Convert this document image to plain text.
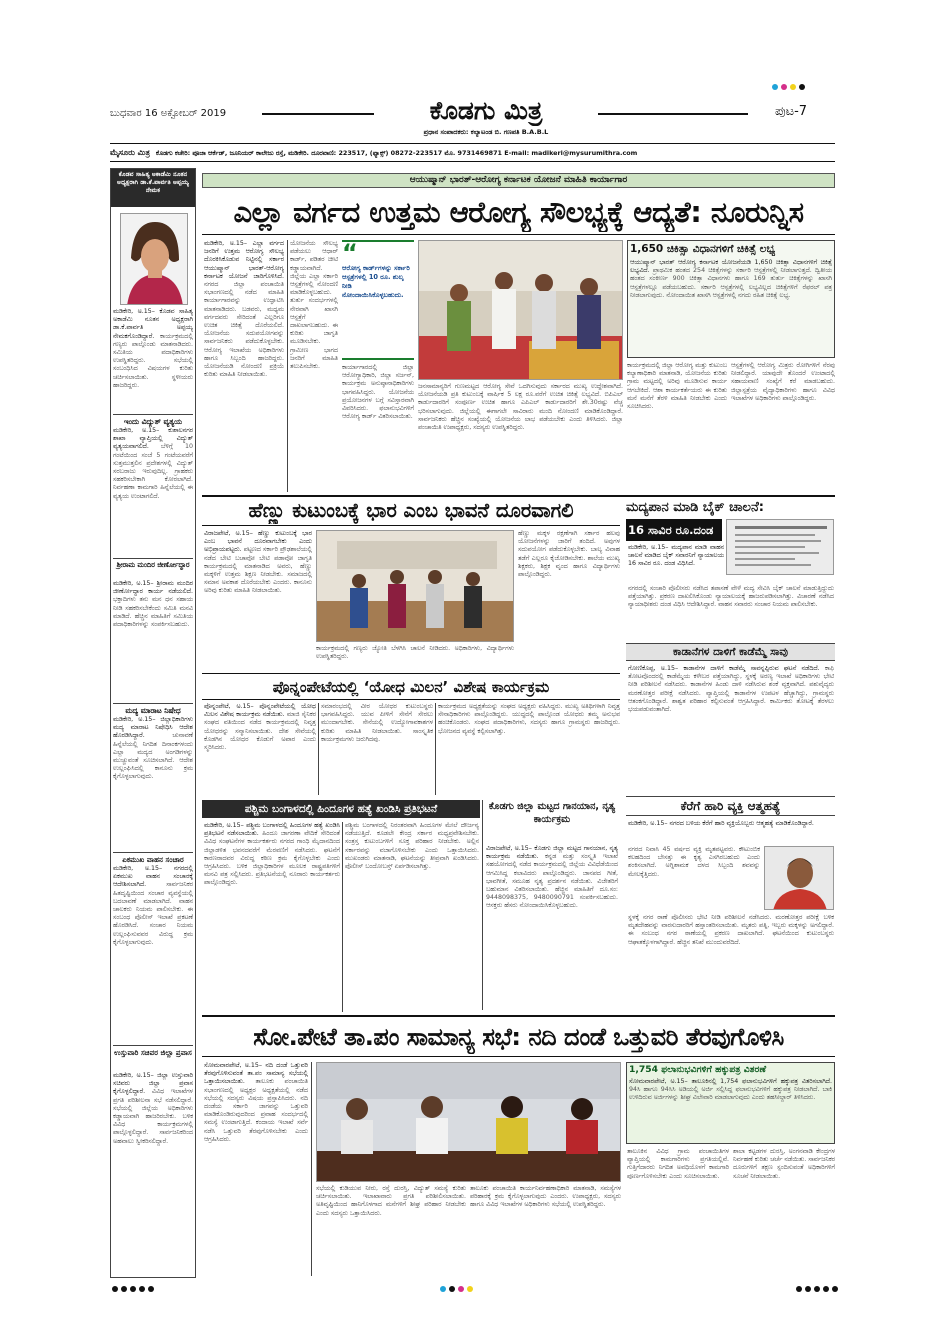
ಬುಧವಾರ 16 ಅಕ್ಟೋಬರ್ 2019	ಕೊಡಗು ಮಿತ್ರ	ಪುಟ-7
ಪ್ರಧಾನ ಸಂಪಾದಕರು: ಕಲ್ಯಾಟಂಡ ಬಿ. ಗಣಪತಿ B.A.B.L
ಮೈಸೂರು ಮಿತ್ರ ಕೊಡಗು ಕಚೇರಿ: ಪೂಜಾ ಆರ್ಕೆಡ್, ಜೂನಿಯರ್ ಕಾಲೇಜು ರಸ್ತೆ, ಮಡಿಕೇರಿ. ದೂರವಾಣಿ: 223517, (ಫ್ಯಾಕ್ಸ್) 08272-223517 ಮೊ. 9731469871 E-mail: madikeri@mysurumithra.com
ಕೊಡವ ಸಾಹಿತ್ಯ ಅಕಾಡೆಮಿ ನೂತನ ಅಧ್ಯಕ್ಷರಾಗಿ ಡಾ.ಕೆ.ಪಾರ್ವತಿ ಅಪ್ಪಯ್ಯ ನೇಮಕ
ಮಡಿಕೇರಿ, ಅ.15– ಕೊಡವ ಸಾಹಿತ್ಯ ಅಕಾಡೆಮಿ ನೂತನ ಅಧ್ಯಕ್ಷರಾಗಿ ಡಾ.ಕೆ.ಪಾರ್ವತಿ ಅಪ್ಪಯ್ಯ ನೇಮಕಗೊಂಡಿದ್ದಾರೆ. ಕಾರ್ಯಕ್ರಮದಲ್ಲಿ ಗಣ್ಯರು ಪಾಲ್ಗೊಂಡು ಮಾತನಾಡಿದರು. ಸಮಿತಿಯ ಪದಾಧಿಕಾರಿಗಳು ಉಪಸ್ಥಿತರಿದ್ದರು. ಸಭೆಯಲ್ಲಿ ಸಂಬಂಧಿಸಿದ ವಿಷಯಗಳ ಕುರಿತು ಚರ್ಚಿಸಲಾಯಿತು. ಸ್ಥಳೀಯರು ಹಾಜರಿದ್ದರು.
ಇಂದು ವಿದ್ಯುತ್ ವ್ಯತ್ಯಯ
ಮಡಿಕೇರಿ, ಅ.15– ಕುಶಾಲನಗರ ಶಾಖಾ ವ್ಯಾಪ್ತಿಯಲ್ಲಿ ವಿದ್ಯುತ್ ವ್ಯತ್ಯಯವಾಗಲಿದೆ. ಬೆಳಿಗ್ಗೆ 10 ಗಂಟೆಯಿಂದ ಸಂಜೆ 5 ಗಂಟೆಯವರೆಗೆ ಸುತ್ತಮುತ್ತಲಿನ ಪ್ರದೇಶಗಳಲ್ಲಿ ವಿದ್ಯುತ್ ಸರಬರಾಜು ಇರುವುದಿಲ್ಲ. ಗ್ರಾಹಕರು ಸಹಕರಿಸಬೇಕಾಗಿ ಕೋರಲಾಗಿದೆ. ನಿರ್ವಹಣಾ ಕಾಮಗಾರಿ ಹಿನ್ನೆಲೆಯಲ್ಲಿ ಈ ವ್ಯತ್ಯಯ ಉಂಟಾಗಲಿದೆ.
ಶ್ರೀರಾಮ ಮಂದಿರ ಜೀರ್ಣೋದ್ಧಾರ
ಮಡಿಕೇರಿ, ಅ.15– ಶ್ರೀರಾಮ ಮಂದಿರ ಜೀರ್ಣೋದ್ಧಾರ ಕಾರ್ಯ ನಡೆಯಲಿದೆ. ಭಕ್ತಾದಿಗಳು ತನು ಮನ ಧನ ಸಹಾಯ ನೀಡಿ ಸಹಕರಿಸಬೇಕೆಂದು ಸಮಿತಿ ಮನವಿ ಮಾಡಿದೆ. ಹೆಚ್ಚಿನ ಮಾಹಿತಿಗೆ ಸಮಿತಿಯ ಪದಾಧಿಕಾರಿಗಳನ್ನು ಸಂಪರ್ಕಿಸಬಹುದು.
ಮದ್ಯ ಮಾರಾಟ ನಿಷೇಧ
ಮಡಿಕೇರಿ, ಅ.15– ಜಿಲ್ಲಾಧಿಕಾರಿಗಳು ಮದ್ಯ ಮಾರಾಟ ನಿಷೇಧಿಸಿ ಆದೇಶ ಹೊರಡಿಸಿದ್ದಾರೆ.	ಚುನಾವಣೆ ಹಿನ್ನೆಲೆಯಲ್ಲಿ ನಿಗದಿತ ದಿನಾಂಕಗಳಂದು ಎಲ್ಲಾ ಮದ್ಯದ ಅಂಗಡಿಗಳನ್ನು ಮುಚ್ಚುವಂತೆ ಸೂಚಿಸಲಾಗಿದೆ. ಆದೇಶ ಉಲ್ಲಂಘಿಸಿದಲ್ಲಿ ಕಾನೂನು ಕ್ರಮ ಕೈಗೊಳ್ಳಲಾಗುವುದು.
ಏಕಮುಖ ವಾಹನ ಸಂಚಾರ
ಮಡಿಕೇರಿ, ಅ.15– ನಗರದಲ್ಲಿ ಏಕಮುಖ ವಾಹನ ಸಂಚಾರಕ್ಕೆ ಆದೇಶಿಸಲಾಗಿದೆ.	ಸಾರ್ವಜನಿಕರ ಹಿತದೃಷ್ಟಿಯಿಂದ ಸಂಚಾರ ವ್ಯವಸ್ಥೆಯಲ್ಲಿ ಬದಲಾವಣೆ ಮಾಡಲಾಗಿದೆ. ವಾಹನ ಚಾಲಕರು ನಿಯಮ ಪಾಲಿಸಬೇಕು. ಈ ಸಂಬಂಧ ಪೊಲೀಸ್ ಇಲಾಖೆ ಪ್ರಕಟಣೆ ಹೊರಡಿಸಿದೆ. ಸಂಚಾರ ನಿಯಮ ಉಲ್ಲಂಘಿಸುವವರ ವಿರುದ್ಧ ಕ್ರಮ ಕೈಗೊಳ್ಳಲಾಗುವುದು.
ಉಸ್ತುವಾರಿ ಸಚಿವರ ಜಿಲ್ಲಾ ಪ್ರವಾಸ
ಮಡಿಕೇರಿ, ಅ.15– ಜಿಲ್ಲಾ ಉಸ್ತುವಾರಿ ಸಚಿವರು ಜಿಲ್ಲಾ ಪ್ರವಾಸ ಕೈಗೊಳ್ಳಲಿದ್ದಾರೆ. ವಿವಿಧ ಇಲಾಖೆಗಳ ಪ್ರಗತಿ ಪರಿಶೀಲನಾ ಸಭೆ ನಡೆಸಲಿದ್ದಾರೆ. ಸಭೆಯಲ್ಲಿ ಜಿಲ್ಲೆಯ ಅಧಿಕಾರಿಗಳು ಕಡ್ಡಾಯವಾಗಿ ಹಾಜರಿರಬೇಕು. ಬಳಿಕ ವಿವಿಧ ಕಾರ್ಯಕ್ರಮಗಳಲ್ಲಿ ಪಾಲ್ಗೊಳ್ಳಲಿದ್ದಾರೆ. ಸಾರ್ವಜನಿಕರಿಂದ ಅಹವಾಲು ಸ್ವೀಕರಿಸಲಿದ್ದಾರೆ.
ಆಯುಷ್ಮಾನ್ ಭಾರತ್-ಆರೋಗ್ಯ ಕರ್ನಾಟಕ ಯೋಜನೆ ಮಾಹಿತಿ ಕಾರ್ಯಾಗಾರ
ಎಲ್ಲಾ ವರ್ಗದ ಉತ್ತಮ ಆರೋಗ್ಯ ಸೌಲಭ್ಯಕ್ಕೆ ಆದ್ಯತೆ: ನೂರುನ್ನಿಸ
ಮಡಿಕೇರಿ, ಅ.15– ಎಲ್ಲಾ ವರ್ಗದ ಜನರಿಗೆ ಉತ್ತಮ ಆರೋಗ್ಯ ಸೌಲಭ್ಯ ದೊರಕಿಸಿಕೊಡುವ ನಿಟ್ಟಿನಲ್ಲಿ ಸರ್ಕಾರ ಆಯುಷ್ಮಾನ್ ಭಾರತ್-ಆರೋಗ್ಯ ಕರ್ನಾಟಕ ಯೋಜನೆ ಜಾರಿಗೊಳಿಸಿದೆ. ನಗರದ ಜಿಲ್ಲಾ ಪಂಚಾಯಿತಿ ಸಭಾಂಗಣದಲ್ಲಿ ನಡೆದ ಮಾಹಿತಿ ಕಾರ್ಯಾಗಾರವನ್ನು ಉದ್ಘಾಟಿಸಿ ಮಾತನಾಡಿದರು. ಬಡವರು, ಮಧ್ಯಮ ವರ್ಗದವರು ಸೇರಿದಂತೆ ಎಲ್ಲರಿಗೂ ಉಚಿತ ಚಿಕಿತ್ಸೆ ದೊರೆಯಲಿದೆ. ಯೋಜನೆಯ ಸದುಪಯೋಗವನ್ನು ಸಾರ್ವಜನಿಕರು ಪಡೆದುಕೊಳ್ಳಬೇಕು. ಆರೋಗ್ಯ ಇಲಾಖೆಯ ಅಧಿಕಾರಿಗಳು ಹಾಗೂ ಸಿಬ್ಬಂದಿ ಹಾಜರಿದ್ದರು. ಯೋಜನೆಯಡಿ ನೋಂದಣಿ ಪ್ರಕ್ರಿಯೆ ಕುರಿತು ಮಾಹಿತಿ ನೀಡಲಾಯಿತು.
ಯೋಜನೆಯ ಸೌಲಭ್ಯ ಪಡೆಯಲು ಆಧಾರ್ ಕಾರ್ಡ್, ಪಡಿತರ ಚೀಟಿ ಕಡ್ಡಾಯವಾಗಿದೆ. ಜಿಲ್ಲೆಯ ಎಲ್ಲಾ ಸರ್ಕಾರಿ ಆಸ್ಪತ್ರೆಗಳಲ್ಲಿ ನೋಂದಣಿ ಮಾಡಿಕೊಳ್ಳಬಹುದು. ತುರ್ತು ಸಂದರ್ಭಗಳಲ್ಲಿ ನೇರವಾಗಿ ಖಾಸಗಿ ಆಸ್ಪತ್ರೆಗೆ ದಾಖಲಾಗಬಹುದು. ಈ ಕುರಿತು ಜಾಗೃತಿ ಮೂಡಿಸಬೇಕು. ಗ್ರಾಮೀಣ ಭಾಗದ ಜನರಿಗೆ ಮಾಹಿತಿ ತಲುಪಿಸಬೇಕು.
“
ಆರೋಗ್ಯ ಕಾರ್ಡ್‌ಗಳನ್ನು ಸರ್ಕಾರಿ ಆಸ್ಪತ್ರೆಗಳಲ್ಲಿ 10 ರೂ. ಶುಲ್ಕ ನೀಡಿ ನೋಂದಾಯಿಸಿಕೊಳ್ಳಬಹುದು.
ಕಾರ್ಯಾಗಾರದಲ್ಲಿ ಜಿಲ್ಲಾ ಆರೋಗ್ಯಾಧಿಕಾರಿ, ಜಿಲ್ಲಾ ಸರ್ಜನ್, ಕಾರ್ಯಕ್ರಮ ಅನುಷ್ಠಾನಾಧಿಕಾರಿಗಳು ಭಾಗವಹಿಸಿದ್ದರು. ಯೋಜನೆಯ ಪ್ರಯೋಜನಗಳ ಬಗ್ಗೆ ಸವಿಸ್ತಾರವಾಗಿ ವಿವರಿಸಿದರು. ಫಲಾನುಭವಿಗಳಿಗೆ ಆರೋಗ್ಯ ಕಾರ್ಡ್ ವಿತರಿಸಲಾಯಿತು.
ಜನಸಾಮಾನ್ಯರಿಗೆ ಗುಣಮಟ್ಟದ ಆರೋಗ್ಯ ಸೇವೆ ಒದಗಿಸುವುದು ಸರ್ಕಾರದ ಮುಖ್ಯ ಉದ್ದೇಶವಾಗಿದೆ. ಯೋಜನೆಯಡಿ ಪ್ರತಿ ಕುಟುಂಬಕ್ಕೆ ವಾರ್ಷಿಕ 5 ಲಕ್ಷ ರೂ.ವರೆಗೆ ಉಚಿತ ಚಿಕಿತ್ಸೆ ಲಭ್ಯವಿದೆ. ಬಿಪಿಎಲ್ ಕಾರ್ಡುದಾರರಿಗೆ ಸಂಪೂರ್ಣ ಉಚಿತ ಹಾಗೂ ಎಪಿಎಲ್ ಕಾರ್ಡುದಾರರಿಗೆ ಶೇ.30ರಷ್ಟು ವೆಚ್ಚ ಭರಿಸಲಾಗುವುದು. ಜಿಲ್ಲೆಯಲ್ಲಿ ಈಗಾಗಲೇ ಸಾವಿರಾರು ಮಂದಿ ನೋಂದಣಿ ಮಾಡಿಕೊಂಡಿದ್ದಾರೆ. ಸಾರ್ವಜನಿಕರು ಹೆಚ್ಚಿನ ಸಂಖ್ಯೆಯಲ್ಲಿ ಯೋಜನೆಯ ಲಾಭ ಪಡೆಯಬೇಕು ಎಂದು ತಿಳಿಸಿದರು. ಜಿಲ್ಲಾ ಪಂಚಾಯಿತಿ ಉಪಾಧ್ಯಕ್ಷರು, ಸದಸ್ಯರು ಉಪಸ್ಥಿತರಿದ್ದರು.
1,650 ಚಿಕಿತ್ಸಾ ವಿಧಾನಗಳಿಗೆ ಚಿಕಿತ್ಸೆ ಲಭ್ಯ
ಆಯುಷ್ಮಾನ್ ಭಾರತ್ ಆರೋಗ್ಯ ಕರ್ನಾಟಕ ಯೋಜನೆಯಡಿ 1,650 ಚಿಕಿತ್ಸಾ ವಿಧಾನಗಳಿಗೆ ಚಿಕಿತ್ಸೆ ಲಭ್ಯವಿದೆ. ಪ್ರಾಥಮಿಕ ಹಂತದ 254 ಚಿಕಿತ್ಸೆಗಳನ್ನು ಸರ್ಕಾರಿ ಆಸ್ಪತ್ರೆಗಳಲ್ಲಿ ನೀಡಲಾಗುತ್ತದೆ. ದ್ವಿತೀಯ ಹಂತದ ಸಂಕೀರ್ಣ 900 ಚಿಕಿತ್ಸಾ ವಿಧಾನಗಳು ಹಾಗೂ 169 ತುರ್ತು ಚಿಕಿತ್ಸೆಗಳನ್ನು ಖಾಸಗಿ ಆಸ್ಪತ್ರೆಗಳಲ್ಲೂ ಪಡೆಯಬಹುದು. ಸರ್ಕಾರಿ ಆಸ್ಪತ್ರೆಗಳಲ್ಲಿ ಲಭ್ಯವಿಲ್ಲದ ಚಿಕಿತ್ಸೆಗಳಿಗೆ ರೆಫರಲ್ ಪತ್ರ ನೀಡಲಾಗುವುದು. ನೋಂದಾಯಿತ ಖಾಸಗಿ ಆಸ್ಪತ್ರೆಗಳಲ್ಲಿ ನಗದು ರಹಿತ ಚಿಕಿತ್ಸೆ ಲಭ್ಯ.
ಕಾರ್ಯಕ್ರಮದಲ್ಲಿ ಜಿಲ್ಲಾ ಆರೋಗ್ಯ ಮತ್ತು ಕುಟುಂಬ ಕಲ್ಯಾಣಾಧಿಕಾರಿ ಮಾತನಾಡಿ, ಯೋಜನೆಯ ಕುರಿತು ಗ್ರಾಮ ಮಟ್ಟದಲ್ಲಿ ಅರಿವು ಮೂಡಿಸುವ ಕಾರ್ಯ ಆಗಬೇಕಿದೆ. ಆಶಾ ಕಾರ್ಯಕರ್ತೆಯರು ಈ ಕುರಿತು ಮನೆ ಮನೆಗೆ ತೆರಳಿ ಮಾಹಿತಿ ನೀಡಬೇಕು ಎಂದು ಸೂಚಿಸಿದರು.
ಆಸ್ಪತ್ರೆಗಳಲ್ಲಿ ಆರೋಗ್ಯ ಮಿತ್ರರು ರೋಗಿಗಳಿಗೆ ನೆರವು ನೀಡಲಿದ್ದಾರೆ. ಯಾವುದೇ ತೊಂದರೆ ಉಂಟಾದಲ್ಲಿ ಸಹಾಯವಾಣಿ ಸಂಖ್ಯೆಗೆ ಕರೆ ಮಾಡಬಹುದು. ಜಿಲ್ಲಾಸ್ಪತ್ರೆಯ ವೈದ್ಯಾಧಿಕಾರಿಗಳು ಹಾಗೂ ವಿವಿಧ ಇಲಾಖೆಗಳ ಅಧಿಕಾರಿಗಳು ಪಾಲ್ಗೊಂಡಿದ್ದರು.
ಹೆಣ್ಣು ಕುಟುಂಬಕ್ಕೆ ಭಾರ ಎಂಬ ಭಾವನೆ ದೂರವಾಗಲಿ
ವಿರಾಜಪೇಟೆ, ಅ.15– ಹೆಣ್ಣು ಕುಟುಂಬಕ್ಕೆ ಭಾರ ಎಂಬ ಭಾವನೆ ದೂರವಾಗಬೇಕು ಎಂದು ಅಭಿಪ್ರಾಯಪಟ್ಟರು. ಪಟ್ಟಣದ ಸರ್ಕಾರಿ ಪ್ರೌಢಶಾಲೆಯಲ್ಲಿ ನಡೆದ ಬೇಟಿ ಬಚಾವೋ ಬೇಟಿ ಪಡಾವೋ ಜಾಗೃತಿ ಕಾರ್ಯಕ್ರಮದಲ್ಲಿ ಮಾತನಾಡಿದ ಅವರು, ಹೆಣ್ಣು ಮಕ್ಕಳಿಗೆ ಉತ್ತಮ ಶಿಕ್ಷಣ ನೀಡಬೇಕು. ಸಮಾಜದಲ್ಲಿ ಸಮಾನ ಅವಕಾಶ ದೊರೆಯಬೇಕು ಎಂದರು. ಕಾನೂನು ಅರಿವು ಕುರಿತು ಮಾಹಿತಿ ನೀಡಲಾಯಿತು.
ಹೆಣ್ಣು ಮಕ್ಕಳ ರಕ್ಷಣೆಗಾಗಿ ಸರ್ಕಾರ ಹಲವು ಯೋಜನೆಗಳನ್ನು ಜಾರಿಗೆ ತಂದಿದೆ. ಅವುಗಳ ಸದುಪಯೋಗ ಪಡೆದುಕೊಳ್ಳಬೇಕು. ಬಾಲ್ಯ ವಿವಾಹ ತಡೆಗೆ ಎಲ್ಲರೂ ಕೈಜೋಡಿಸಬೇಕು. ಶಾಲೆಯ ಮುಖ್ಯ ಶಿಕ್ಷಕರು, ಶಿಕ್ಷಕ ವೃಂದ ಹಾಗೂ ವಿದ್ಯಾರ್ಥಿಗಳು ಪಾಲ್ಗೊಂಡಿದ್ದರು.
ಕಾರ್ಯಕ್ರಮದಲ್ಲಿ ಗಣ್ಯರು ಜ್ಯೋತಿ ಬೆಳಗಿಸಿ ಚಾಲನೆ ನೀಡಿದರು. ಅಧಿಕಾರಿಗಳು, ವಿದ್ಯಾರ್ಥಿಗಳು ಉಪಸ್ಥಿತರಿದ್ದರು.
ಮದ್ಯಪಾನ ಮಾಡಿ ಬೈಕ್ ಚಾಲನೆ:
16 ಸಾವಿರ ರೂ.ದಂಡ
ಮಡಿಕೇರಿ, ಅ.15– ಮದ್ಯಪಾನ ಮಾಡಿ ವಾಹನ ಚಾಲನೆ ಮಾಡಿದ ಬೈಕ್ ಸವಾರನಿಗೆ ನ್ಯಾಯಾಲಯ 16 ಸಾವಿರ ರೂ. ದಂಡ ವಿಧಿಸಿದೆ.
ನಗರದಲ್ಲಿ ಸಂಚಾರಿ ಪೊಲೀಸರು ನಡೆಸಿದ ತಪಾಸಣೆ ವೇಳೆ ಮದ್ಯ ಸೇವಿಸಿ ಬೈಕ್ ಚಾಲನೆ ಮಾಡುತ್ತಿದ್ದುದು ಪತ್ತೆಯಾಗಿತ್ತು. ಪ್ರಕರಣ ದಾಖಲಿಸಿಕೊಂಡು ನ್ಯಾಯಾಲಯಕ್ಕೆ ಹಾಜರುಪಡಿಸಲಾಗಿತ್ತು. ವಿಚಾರಣೆ ನಡೆಸಿದ ನ್ಯಾಯಾಧೀಶರು ದಂಡ ವಿಧಿಸಿ ಆದೇಶಿಸಿದ್ದಾರೆ. ವಾಹನ ಸವಾರರು ಸಂಚಾರ ನಿಯಮ ಪಾಲಿಸಬೇಕು.
ಕಾಡಾನೆಗಳ ದಾಳಿಗೆ ಕಾಡೆಮ್ಮೆ ಸಾವು
ಗೋಣಿಕೊಪ್ಪ, ಅ.15– ಕಾಡಾನೆಗಳ ದಾಳಿಗೆ ಕಾಡೆಮ್ಮೆ ಸಾವನ್ನಪ್ಪಿರುವ ಘಟನೆ ನಡೆದಿದೆ. ಕಾಫಿ ತೋಟವೊಂದರಲ್ಲಿ ಕಾಡೆಮ್ಮೆಯ ಕಳೇಬರ ಪತ್ತೆಯಾಗಿದ್ದು, ಸ್ಥಳಕ್ಕೆ ಅರಣ್ಯ ಇಲಾಖೆ ಅಧಿಕಾರಿಗಳು ಭೇಟಿ ನೀಡಿ ಪರಿಶೀಲನೆ ನಡೆಸಿದರು. ಕಾಡಾನೆಗಳ ಹಿಂಡು ದಾಳಿ ನಡೆಸಿರುವ ಶಂಕೆ ವ್ಯಕ್ತವಾಗಿದೆ. ಪಶುವೈದ್ಯರು ಮರಣೋತ್ತರ ಪರೀಕ್ಷೆ ನಡೆಸಿದರು. ವ್ಯಾಪ್ತಿಯಲ್ಲಿ ಕಾಡಾನೆಗಳ ಉಪಟಳ ಹೆಚ್ಚಾಗಿದ್ದು, ಗ್ರಾಮಸ್ಥರು ಆತಂಕಗೊಂಡಿದ್ದಾರೆ. ಶಾಶ್ವತ ಪರಿಹಾರ ಕಲ್ಪಿಸುವಂತೆ ಆಗ್ರಹಿಸಿದ್ದಾರೆ. ಕಾರ್ಮಿಕರು ತೋಟಕ್ಕೆ ತೆರಳಲು ಭಯಪಡುವಂತಾಗಿದೆ.
ಪೊನ್ನಂಪೇಟೆಯಲ್ಲಿ ‘ಯೋಧ ಮಿಲನ’ ವಿಶೇಷ ಕಾರ್ಯಕ್ರಮ
ಪೊನ್ನಂಪೇಟೆ, ಅ.15– ಪೊನ್ನಂಪೇಟೆಯಲ್ಲಿ ಯೋಧ ಮಿಲನ ವಿಶೇಷ ಕಾರ್ಯಕ್ರಮ ನಡೆಯಿತು. ಮಾಜಿ ಸೈನಿಕರ ಸಂಘದ ವತಿಯಿಂದ ನಡೆದ ಕಾರ್ಯಕ್ರಮದಲ್ಲಿ ನಿವೃತ್ತ ಯೋಧರನ್ನು ಸನ್ಮಾನಿಸಲಾಯಿತು. ದೇಶ ಸೇವೆಯಲ್ಲಿ ಕೊಡಗಿನ ಯೋಧರ ಕೊಡುಗೆ ಅಪಾರ ಎಂದು ಸ್ಮರಿಸಿದರು.
ಸಮಾರಂಭದಲ್ಲಿ ವೀರ ಯೋಧರ ಕುಟುಂಬಸ್ಥರು ಭಾಗವಹಿಸಿದ್ದರು. ಯುವ ಪೀಳಿಗೆ ಸೇನೆಗೆ ಸೇರಲು ಮುಂದಾಗಬೇಕು. ಸೇನೆಯಲ್ಲಿ ಉದ್ಯೋಗಾವಕಾಶಗಳ ಕುರಿತು ಮಾಹಿತಿ ನೀಡಲಾಯಿತು. ಸಾಂಸ್ಕೃತಿಕ ಕಾರ್ಯಕ್ರಮಗಳು ಜರುಗಿದವು.
ಕಾರ್ಯಕ್ರಮದ ಅಧ್ಯಕ್ಷತೆಯನ್ನು ಸಂಘದ ಅಧ್ಯಕ್ಷರು ವಹಿಸಿದ್ದರು. ಮುಖ್ಯ ಅತಿಥಿಗಳಾಗಿ ನಿವೃತ್ತ ಸೇನಾಧಿಕಾರಿಗಳು ಪಾಲ್ಗೊಂಡಿದ್ದರು. ಯುದ್ಧದಲ್ಲಿ ಪಾಲ್ಗೊಂಡ ಯೋಧರು ತಮ್ಮ ಅನುಭವ ಹಂಚಿಕೊಂಡರು. ಸಂಘದ ಪದಾಧಿಕಾರಿಗಳು, ಸದಸ್ಯರು ಹಾಗೂ ಗ್ರಾಮಸ್ಥರು ಹಾಜರಿದ್ದರು. ಭೋಜನದ ವ್ಯವಸ್ಥೆ ಕಲ್ಪಿಸಲಾಗಿತ್ತು.
ಕೊಡಗು ಜಿಲ್ಲಾ ಮಟ್ಟದ ಗಾನಯಾನ, ನೃತ್ಯ ಕಾರ್ಯಕ್ರಮ
ವಿರಾಜಪೇಟೆ, ಅ.15– ಕೊಡಗು ಜಿಲ್ಲಾ ಮಟ್ಟದ ಗಾನಯಾನ, ನೃತ್ಯ ಕಾರ್ಯಕ್ರಮ ನಡೆಯಿತು. ಕನ್ನಡ ಮತ್ತು ಸಂಸ್ಕೃತಿ ಇಲಾಖೆ ಸಹಯೋಗದಲ್ಲಿ ನಡೆದ ಕಾರ್ಯಕ್ರಮದಲ್ಲಿ ಜಿಲ್ಲೆಯ ವಿವಿಧೆಡೆಯಿಂದ ಆಗಮಿಸಿದ್ದ ಕಲಾವಿದರು ಪಾಲ್ಗೊಂಡಿದ್ದರು. ಜಾನಪದ ಗೀತೆ, ಭಾವಗೀತೆ, ಸಮೂಹ ನೃತ್ಯ ಪ್ರದರ್ಶನ ನಡೆಯಿತು. ವಿಜೇತರಿಗೆ ಬಹುಮಾನ ವಿತರಿಸಲಾಯಿತು. ಹೆಚ್ಚಿನ ಮಾಹಿತಿಗೆ ದೂ.ಸಂ: 9448098375, 9480090791 ಸಂಪರ್ಕಿಸಬಹುದು. ಆಸಕ್ತರು ಹೆಸರು ನೋಂದಾಯಿಸಿಕೊಳ್ಳಬಹುದು.
ಪಶ್ಚಿಮ ಬಂಗಾಳದಲ್ಲಿ ಹಿಂದೂಗಳ ಹತ್ಯೆ ಖಂಡಿಸಿ ಪ್ರತಿಭಟನೆ
ಮಡಿಕೇರಿ, ಅ.15– ಪಶ್ಚಿಮ ಬಂಗಾಳದಲ್ಲಿ ಹಿಂದೂಗಳ ಹತ್ಯೆ ಖಂಡಿಸಿ ಪ್ರತಿಭಟನೆ ನಡೆಸಲಾಯಿತು. ಹಿಂದೂ ಜಾಗರಣಾ ವೇದಿಕೆ ಸೇರಿದಂತೆ ವಿವಿಧ ಸಂಘಟನೆಗಳ ಕಾರ್ಯಕರ್ತರು ನಗರದ ಗಾಂಧಿ ಮೈದಾನದಿಂದ ಜಿಲ್ಲಾಡಳಿತ ಭವನದವರೆಗೆ ಮೆರವಣಿಗೆ ನಡೆಸಿದರು. ಘಟನೆಗೆ ಕಾರಣರಾದವರ ವಿರುದ್ಧ ಕಠಿಣ ಕ್ರಮ ಕೈಗೊಳ್ಳಬೇಕು ಎಂದು ಆಗ್ರಹಿಸಿದರು. ಬಳಿಕ ಜಿಲ್ಲಾಧಿಕಾರಿಗಳ ಮೂಲಕ ರಾಷ್ಟ್ರಪತಿಗಳಿಗೆ ಮನವಿ ಪತ್ರ ಸಲ್ಲಿಸಿದರು. ಪ್ರತಿಭಟನೆಯಲ್ಲಿ ನೂರಾರು ಕಾರ್ಯಕರ್ತರು ಪಾಲ್ಗೊಂಡಿದ್ದರು.
ಪಶ್ಚಿಮ ಬಂಗಾಳದಲ್ಲಿ ನಿರಂತರವಾಗಿ ಹಿಂದೂಗಳ ಮೇಲೆ ದೌರ್ಜನ್ಯ ನಡೆಯುತ್ತಿದೆ. ಕೂಡಲೇ ಕೇಂದ್ರ ಸರ್ಕಾರ ಮಧ್ಯಪ್ರವೇಶಿಸಬೇಕು. ಸಂತ್ರಸ್ತ ಕುಟುಂಬಗಳಿಗೆ ಸೂಕ್ತ ಪರಿಹಾರ ನೀಡಬೇಕು. ಅಲ್ಲಿನ ಸರ್ಕಾರವನ್ನು ವಜಾಗೊಳಿಸಬೇಕು ಎಂದು ಒತ್ತಾಯಿಸಿದರು. ಮುಖಂಡರು ಮಾತನಾಡಿ, ಘಟನೆಯನ್ನು ತೀವ್ರವಾಗಿ ಖಂಡಿಸಿದರು. ಪೊಲೀಸ್ ಬಂದೋಬಸ್ತ್ ಏರ್ಪಡಿಸಲಾಗಿತ್ತು.
ಕೆರೆಗೆ ಹಾರಿ ವ್ಯಕ್ತಿ ಆತ್ಮಹತ್ಯೆ
ಮಡಿಕೇರಿ, ಅ.15– ನಗರದ ಬಳಿಯ ಕೆರೆಗೆ ಹಾರಿ ವ್ಯಕ್ತಿಯೊಬ್ಬರು ಆತ್ಮಹತ್ಯೆ ಮಾಡಿಕೊಂಡಿದ್ದಾರೆ.
ನಗರದ ನಿವಾಸಿ 45 ವರ್ಷದ ವ್ಯಕ್ತಿ ಮೃತಪಟ್ಟವರು. ಕೌಟುಂಬಿಕ ಕಲಹದಿಂದ ಬೇಸತ್ತು ಈ ಕೃತ್ಯ ಎಸಗಿರಬಹುದು ಎಂದು ಶಂಕಿಸಲಾಗಿದೆ. ಅಗ್ನಿಶಾಮಕ ದಳದ ಸಿಬ್ಬಂದಿ ಶವವನ್ನು ಮೇಲಕ್ಕೆತ್ತಿದರು.
ಸ್ಥಳಕ್ಕೆ ನಗರ ಠಾಣೆ ಪೊಲೀಸರು ಭೇಟಿ ನೀಡಿ ಪರಿಶೀಲನೆ ನಡೆಸಿದರು. ಮರಣೋತ್ತರ ಪರೀಕ್ಷೆ ಬಳಿಕ ಮೃತದೇಹವನ್ನು ವಾರಸುದಾರರಿಗೆ ಹಸ್ತಾಂತರಿಸಲಾಯಿತು. ಮೃತರು ಪತ್ನಿ, ಇಬ್ಬರು ಮಕ್ಕಳನ್ನು ಅಗಲಿದ್ದಾರೆ. ಈ ಸಂಬಂಧ ನಗರ ಠಾಣೆಯಲ್ಲಿ ಪ್ರಕರಣ ದಾಖಲಾಗಿದೆ. ಘಟನೆಯಿಂದ ಕುಟುಂಬಸ್ಥರು ಆಘಾತಕ್ಕೊಳಗಾಗಿದ್ದಾರೆ. ಹೆಚ್ಚಿನ ತನಿಖೆ ಮುಂದುವರೆದಿದೆ.
ಸೋ.ಪೇಟೆ ತಾ.ಪಂ ಸಾಮಾನ್ಯ ಸಭೆ: ನದಿ ದಂಡೆ ಒತ್ತುವರಿ ತೆರವುಗೊಳಿಸಿ
ಸೋಮವಾರಪೇಟೆ, ಅ.15– ನದಿ ದಂಡೆ ಒತ್ತುವರಿ ತೆರವುಗೊಳಿಸುವಂತೆ ತಾ.ಪಂ ಸಾಮಾನ್ಯ ಸಭೆಯಲ್ಲಿ ಒತ್ತಾಯಿಸಲಾಯಿತು. ತಾಲೂಕು ಪಂಚಾಯಿತಿ ಸಭಾಂಗಣದಲ್ಲಿ ಅಧ್ಯಕ್ಷರ ಅಧ್ಯಕ್ಷತೆಯಲ್ಲಿ ನಡೆದ ಸಭೆಯಲ್ಲಿ ಸದಸ್ಯರು ವಿಷಯ ಪ್ರಸ್ತಾಪಿಸಿದರು. ನದಿ ದಂಡೆಯ ಸರ್ಕಾರಿ ಜಾಗವನ್ನು ಒತ್ತುವರಿ ಮಾಡಿಕೊಂಡಿರುವುದರಿಂದ ಪ್ರವಾಹ ಸಂದರ್ಭದಲ್ಲಿ ಸಮಸ್ಯೆ ಉಂಟಾಗುತ್ತಿದೆ. ಕಂದಾಯ ಇಲಾಖೆ ಸರ್ವೆ ನಡೆಸಿ ಒತ್ತುವರಿ ತೆರವುಗೊಳಿಸಬೇಕು ಎಂದು ಆಗ್ರಹಿಸಿದರು.
ಸಭೆಯಲ್ಲಿ ಕುಡಿಯುವ ನೀರು, ರಸ್ತೆ ದುರಸ್ತಿ, ವಿದ್ಯುತ್ ಸಮಸ್ಯೆ ಕುರಿತು ಚರ್ಚಿಸಲಾಯಿತು. ಇಲಾಖಾವಾರು ಪ್ರಗತಿ ಪರಿಶೀಲಿಸಲಾಯಿತು. ಅತಿವೃಷ್ಟಿಯಿಂದ ಹಾನಿಗೊಳಗಾದ ಮನೆಗಳಿಗೆ ಶೀಘ್ರ ಪರಿಹಾರ ನೀಡಬೇಕು ಎಂದು ಸದಸ್ಯರು ಒತ್ತಾಯಿಸಿದರು.
ತಾಲೂಕು ಪಂಚಾಯಿತಿ ಕಾರ್ಯನಿರ್ವಹಣಾಧಿಕಾರಿ ಮಾತನಾಡಿ, ಸಮಸ್ಯೆಗಳ ಪರಿಹಾರಕ್ಕೆ ಕ್ರಮ ಕೈಗೊಳ್ಳಲಾಗುವುದು ಎಂದರು. ಉಪಾಧ್ಯಕ್ಷರು, ಸದಸ್ಯರು ಹಾಗೂ ವಿವಿಧ ಇಲಾಖೆಗಳ ಅಧಿಕಾರಿಗಳು ಸಭೆಯಲ್ಲಿ ಉಪಸ್ಥಿತರಿದ್ದರು.
1,754 ಫಲಾನುಭವಿಗಳಿಗೆ ಹಕ್ಕುಪತ್ರ ವಿತರಣೆ
ಸೋಮವಾರಪೇಟೆ, ಅ.15– ತಾಲೂಕಿನಲ್ಲಿ 1,754 ಫಲಾನುಭವಿಗಳಿಗೆ ಹಕ್ಕುಪತ್ರ ವಿತರಿಸಲಾಗಿದೆ. 94ಸಿ ಹಾಗೂ 94ಸಿಸಿ ಅಡಿಯಲ್ಲಿ ಅರ್ಜಿ ಸಲ್ಲಿಸಿದ್ದ ಫಲಾನುಭವಿಗಳಿಗೆ ಹಕ್ಕುಪತ್ರ ನೀಡಲಾಗಿದೆ. ಬಾಕಿ ಉಳಿದಿರುವ ಅರ್ಜಿಗಳನ್ನು ಶೀಘ್ರ ವಿಲೇವಾರಿ ಮಾಡಲಾಗುವುದು ಎಂದು ತಹಸೀಲ್ದಾರ್ ತಿಳಿಸಿದರು.
ತಾಲೂಕಿನ ವಿವಿಧ ಗ್ರಾಮ ಪಂಚಾಯಿತಿಗಳ ವ್ಯಾಪ್ತಿಯಲ್ಲಿ ಕಾಮಗಾರಿಗಳು ಪ್ರಗತಿಯಲ್ಲಿವೆ. ಗುತ್ತಿಗೆದಾರರು ನಿಗದಿತ ಅವಧಿಯೊಳಗೆ ಕಾಮಗಾರಿ ಪೂರ್ಣಗೊಳಿಸಬೇಕು ಎಂದು ಸೂಚಿಸಲಾಯಿತು.
ಶಾಲಾ ಕಟ್ಟಡಗಳ ದುರಸ್ತಿ, ಅಂಗನವಾಡಿ ಕೇಂದ್ರಗಳ ನಿರ್ವಹಣೆ ಕುರಿತು ಚರ್ಚೆ ನಡೆಯಿತು. ಸಾರ್ವಜನಿಕರ ದೂರುಗಳಿಗೆ ತಕ್ಷಣ ಸ್ಪಂದಿಸುವಂತೆ ಅಧಿಕಾರಿಗಳಿಗೆ ಸೂಚನೆ ನೀಡಲಾಯಿತು.
